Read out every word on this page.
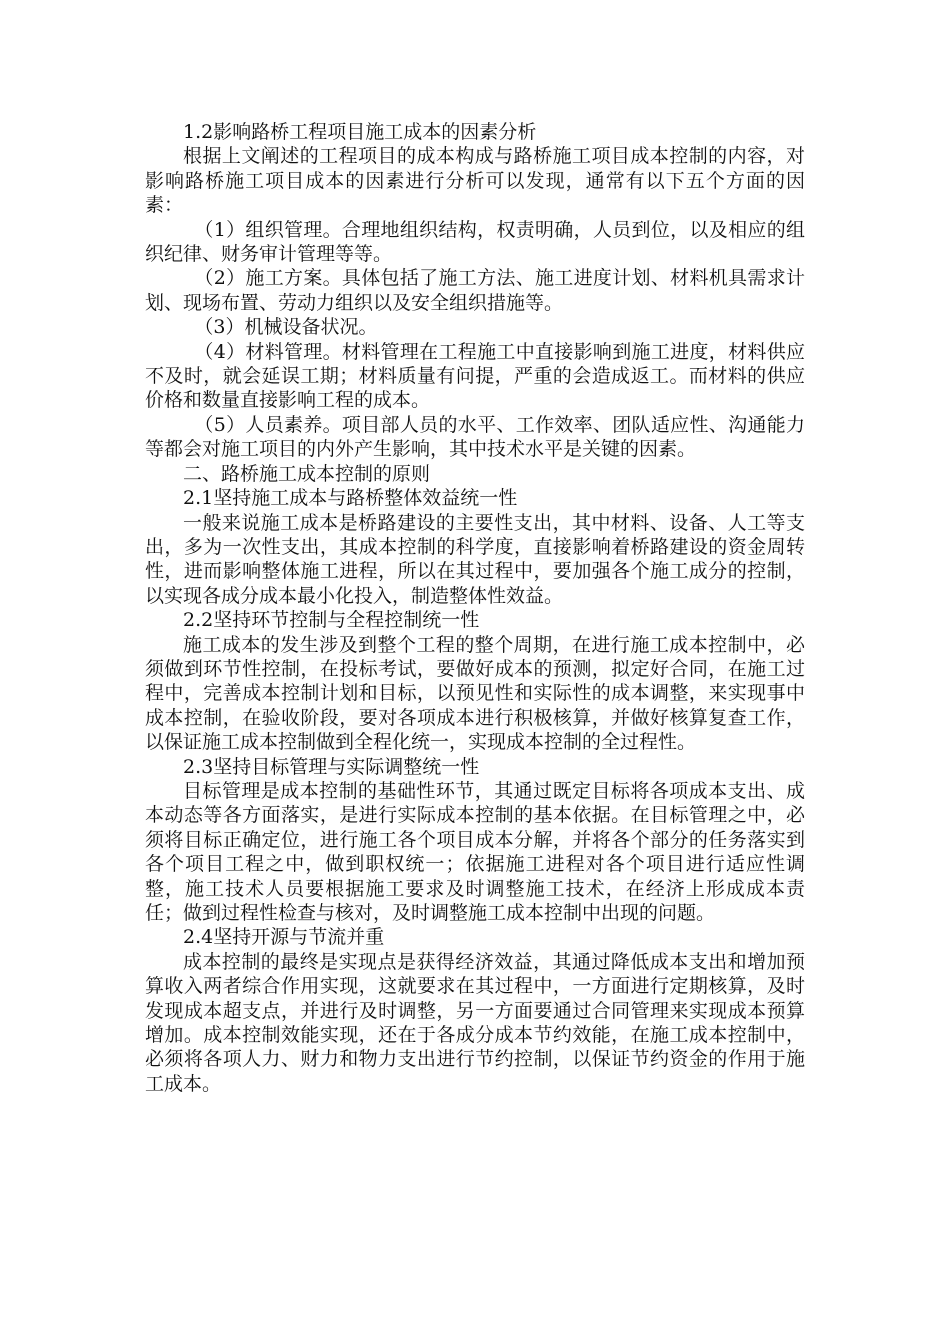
1.2影响路桥工程项目施工成本的因素分析

根据上文阐述的工程项目的成本构成与路桥施工项目成本控制的内容，对影响路桥施工项目成本的因素进行分析可以发现，通常有以下五个方面的因素：

（1）组织管理。合理地组织结构，权责明确，人员到位，以及相应的组织纪律、财务审计管理等等。

（2）施工方案。具体包括了施工方法、施工进度计划、材料机具需求计划、现场布置、劳动力组织以及安全组织措施等。

（3）机械设备状况。

（4）材料管理。材料管理在工程施工中直接影响到施工进度，材料供应不及时，就会延误工期；材料质量有问提，严重的会造成返工。而材料的供应价格和数量直接影响工程的成本。

（5）人员素养。项目部人员的水平、工作效率、团队适应性、沟通能力等都会对施工项目的内外产生影响，其中技术水平是关键的因素。

二、路桥施工成本控制的原则

2.1坚持施工成本与路桥整体效益统一性

一般来说施工成本是桥路建设的主要性支出，其中材料、设备、人工等支出，多为一次性支出，其成本控制的科学度，直接影响着桥路建设的资金周转性，进而影响整体施工进程，所以在其过程中，要加强各个施工成分的控制，以实现各成分成本最小化投入，制造整体性效益。

2.2坚持环节控制与全程控制统一性

施工成本的发生涉及到整个工程的整个周期，在进行施工成本控制中，必须做到环节性控制，在投标考试，要做好成本的预测，拟定好合同，在施工过程中，完善成本控制计划和目标，以预见性和实际性的成本调整，来实现事中成本控制，在验收阶段，要对各项成本进行积极核算，并做好核算复查工作，以保证施工成本控制做到全程化统一，实现成本控制的全过程性。

2.3坚持目标管理与实际调整统一性

目标管理是成本控制的基础性环节，其通过既定目标将各项成本支出、成本动态等各方面落实，是进行实际成本控制的基本依据。在目标管理之中，必须将目标正确定位，进行施工各个项目成本分解，并将各个部分的任务落实到各个项目工程之中，做到职权统一；依据施工进程对各个项目进行适应性调整，施工技术人员要根据施工要求及时调整施工技术，在经济上形成成本责任；做到过程性检查与核对，及时调整施工成本控制中出现的问题。

2.4坚持开源与节流并重

成本控制的最终是实现点是获得经济效益，其通过降低成本支出和增加预算收入两者综合作用实现，这就要求在其过程中，一方面进行定期核算，及时发现成本超支点，并进行及时调整，另一方面要通过合同管理来实现成本预算增加。成本控制效能实现，还在于各成分成本节约效能，在施工成本控制中，必须将各项人力、财力和物力支出进行节约控制，以保证节约资金的作用于施工成本。
